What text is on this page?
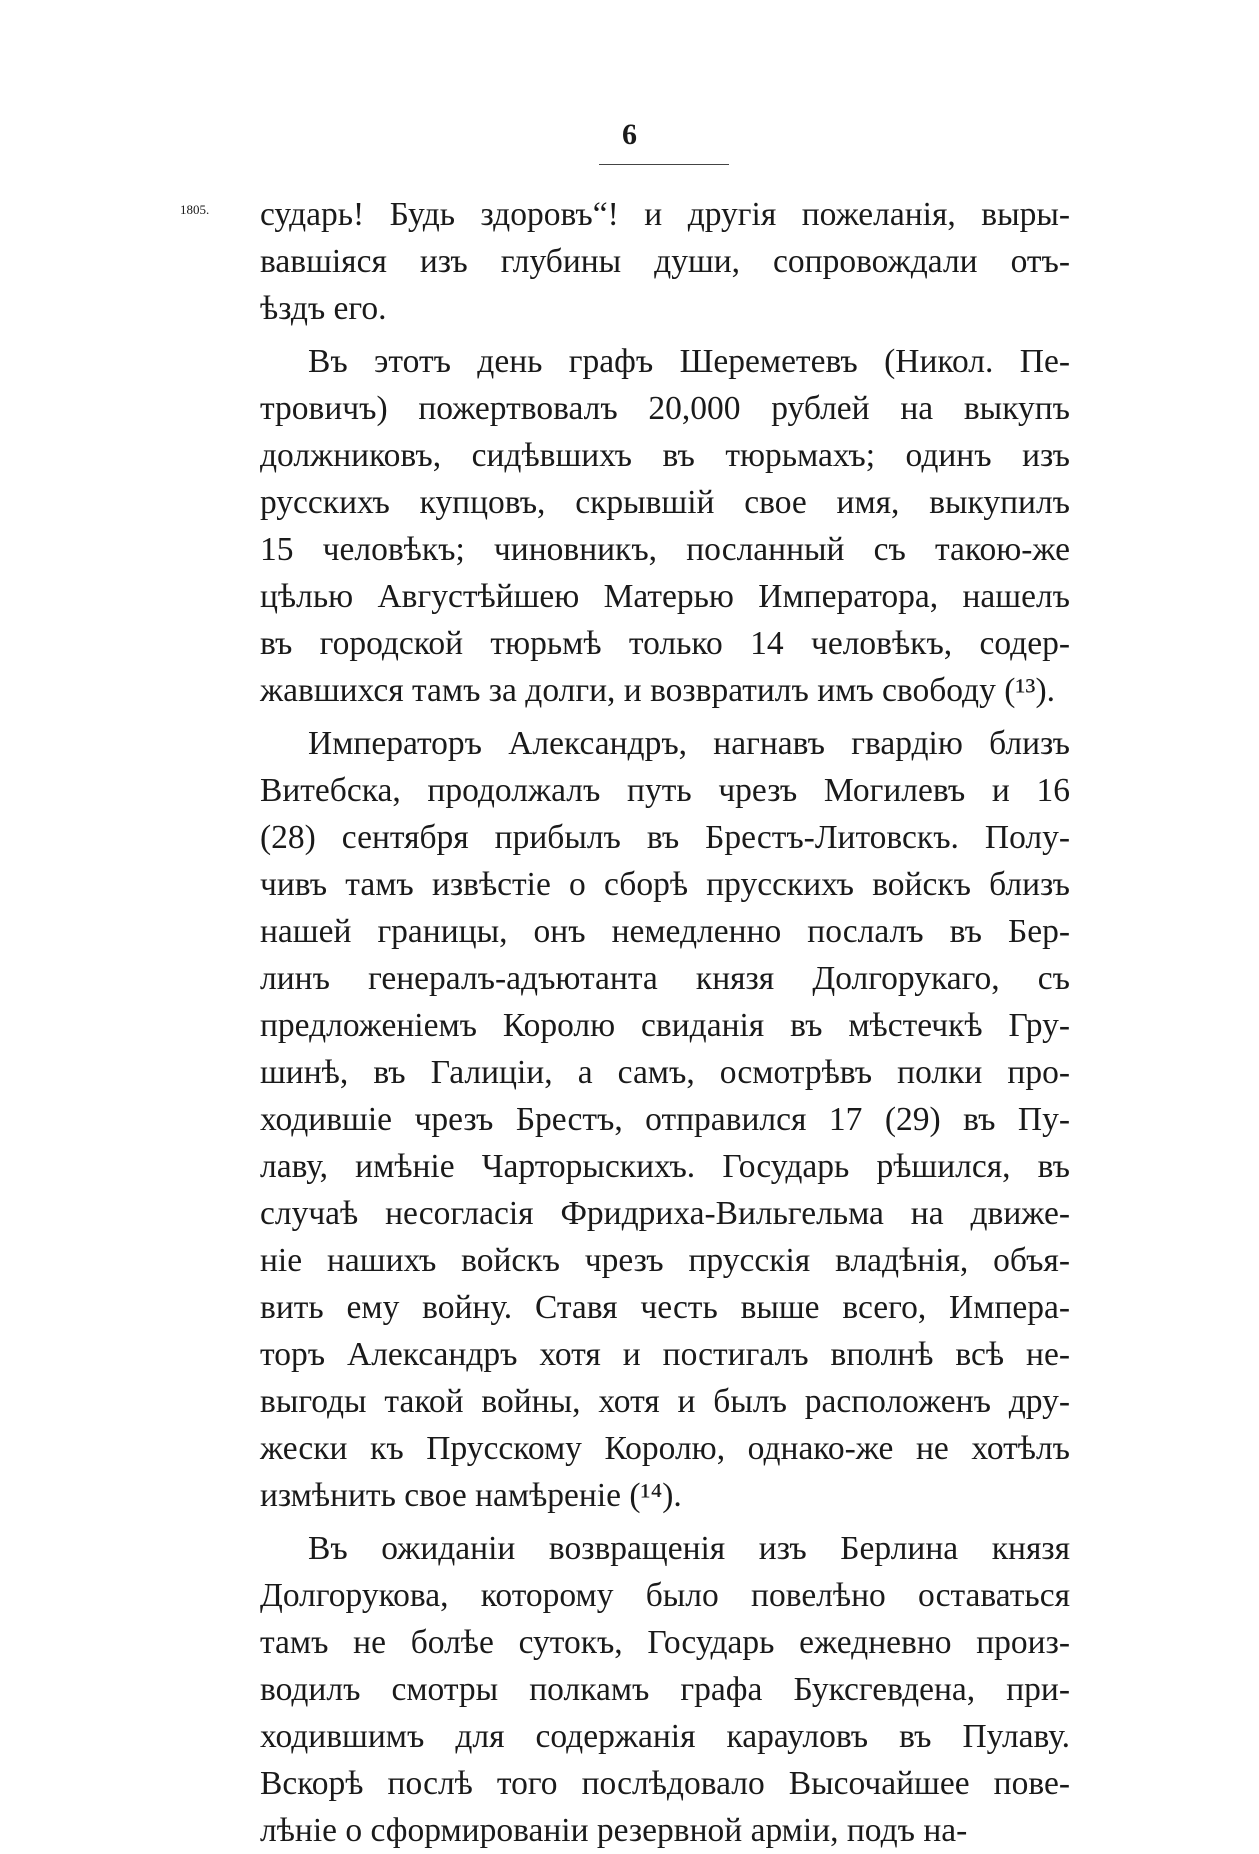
6
1805. сударь! Будь здоровъ“! и другія пожеланія, выры-
вавшіяся изъ глубины души, сопровождали отъ-
ѣздъ его.
Въ этотъ день графъ Шереметевъ (Никол. Пе-
тровичъ) пожертвовалъ 20,000 рублей на выкупъ
должниковъ, сидѣвшихъ въ тюрьмахъ; одинъ изъ
русскихъ купцовъ, скрывшій свое имя, выкупилъ
15 человѣкъ; чиновникъ, посланный съ такою-же
цѣлью Августѣйшею Матерью Императора, нашелъ
въ городской тюрьмѣ только 14 человѣкъ, содер-
жавшихся тамъ за долги, и возвратилъ имъ свободу (¹³).
Императоръ Александръ, нагнавъ гвардію близъ
Витебска, продолжалъ путь чрезъ Могилевъ и 16
(28) сентября прибылъ въ Брестъ-Литовскъ. Полу-
чивъ тамъ извѣстіе о сборѣ прусскихъ войскъ близъ
нашей границы, онъ немедленно послалъ въ Бер-
линъ генералъ-адъютанта князя Долгорукаго, съ
предложеніемъ Королю свиданія въ мѣстечкѣ Гру-
шинѣ, въ Галиціи, а самъ, осмотрѣвъ полки про-
ходившіе чрезъ Брестъ, отправился 17 (29) въ Пу-
лаву, имѣніе Чарторыскихъ. Государь рѣшился, въ
случаѣ несогласія Фридриха-Вильгельма на движе-
ніе нашихъ войскъ чрезъ прусскія владѣнія, объя-
вить ему войну. Ставя честь выше всего, Импера-
торъ Александръ хотя и постигалъ вполнѣ всѣ не-
выгоды такой войны, хотя и былъ расположенъ дру-
жески къ Прусскому Королю, однако-же не хотѣлъ
измѣнить свое намѣреніе (¹⁴).
Въ ожиданіи возвращенія изъ Берлина князя
Долгорукова, которому было повелѣно оставаться
тамъ не болѣе сутокъ, Государь ежедневно произ-
водилъ смотры полкамъ графа Буксгевдена, при-
ходившимъ для содержанія карауловъ въ Пулаву.
Вскорѣ послѣ того послѣдовало Высочайшее пове-
лѣніе о сформированіи резервной арміи, подъ на-
